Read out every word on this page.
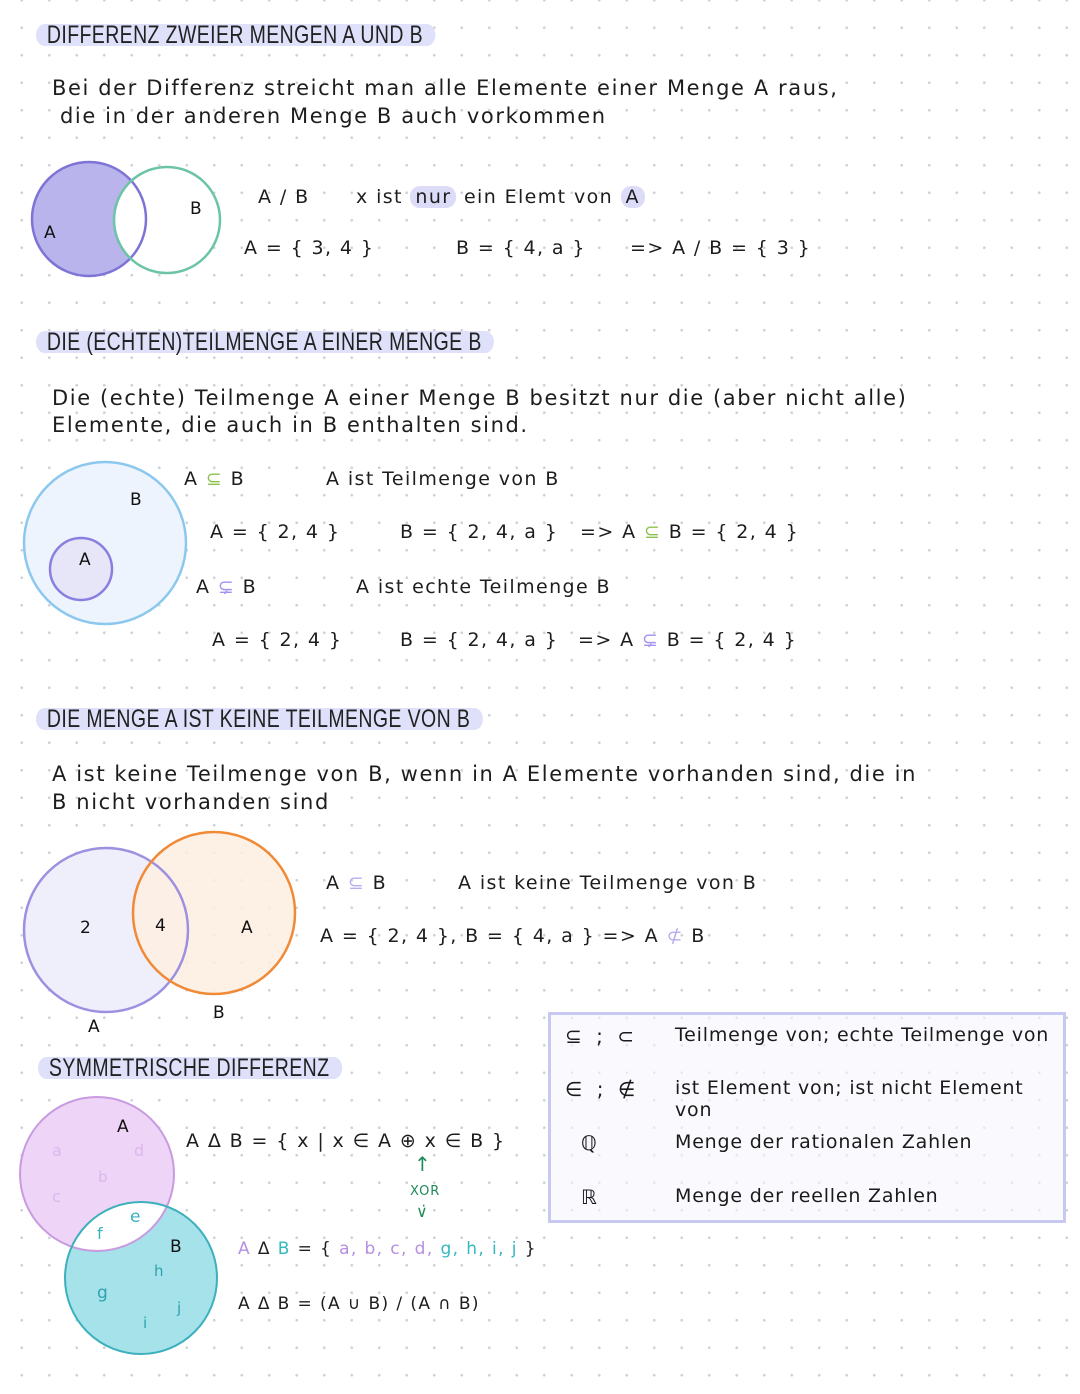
DIFFERENZ ZWEIER MENGEN A UND B
Bei der Differenz streicht man alle Elemente einer Menge A raus,
die in der anderen Menge B auch vorkommen
A
B
A / B x ist nur ein Elemt von A
A = { 3, 4 }	B = { 4, a } => A / B = { 3 }
DIE (ECHTEN)TEILMENGE A EINER MENGE B
Die (echte) Teilmenge A einer Menge B besitzt nur die (aber nicht alle)
Elemente, die auch in B enthalten sind.
B
A
A ⊆ B	A ist Teilmenge von B
A = { 2, 4 }	B = { 2, 4, a } => A ⊆ B = { 2, 4 }
A ⊊ B	A ist echte Teilmenge B
A = { 2, 4 }	B = { 2, 4, a } => A ⊊ B = { 2, 4 }
DIE MENGE A IST KEINE TEILMENGE VON B
A ist keine Teilmenge von B, wenn in A Elemente vorhanden sind, die in
B nicht vorhanden sind
2	4	A
A
B
A ⊆ B	A ist keine Teilmenge von B
A = { 2, 4 }, B = { 4, a } => A ⊄ B
⊆ ; ⊂ Teilmenge von; echte Teilmenge von
∈ ; ∉ ist Element von; ist nicht Element von
ℚ	Menge der rationalen Zahlen
ℝ	Menge der reellen Zahlen
SYMMETRISCHE DIFFERENZ
A
B
a	d
b
c
f
e
h
g
j
i
A Δ B = { x | x ∈ A ⊕ x ∈ B }
↑
XOR
∨̇
A Δ B = { a, b, c, d, g, h, i, j }
A Δ B = (A ∪ B) / (A ∩ B)
